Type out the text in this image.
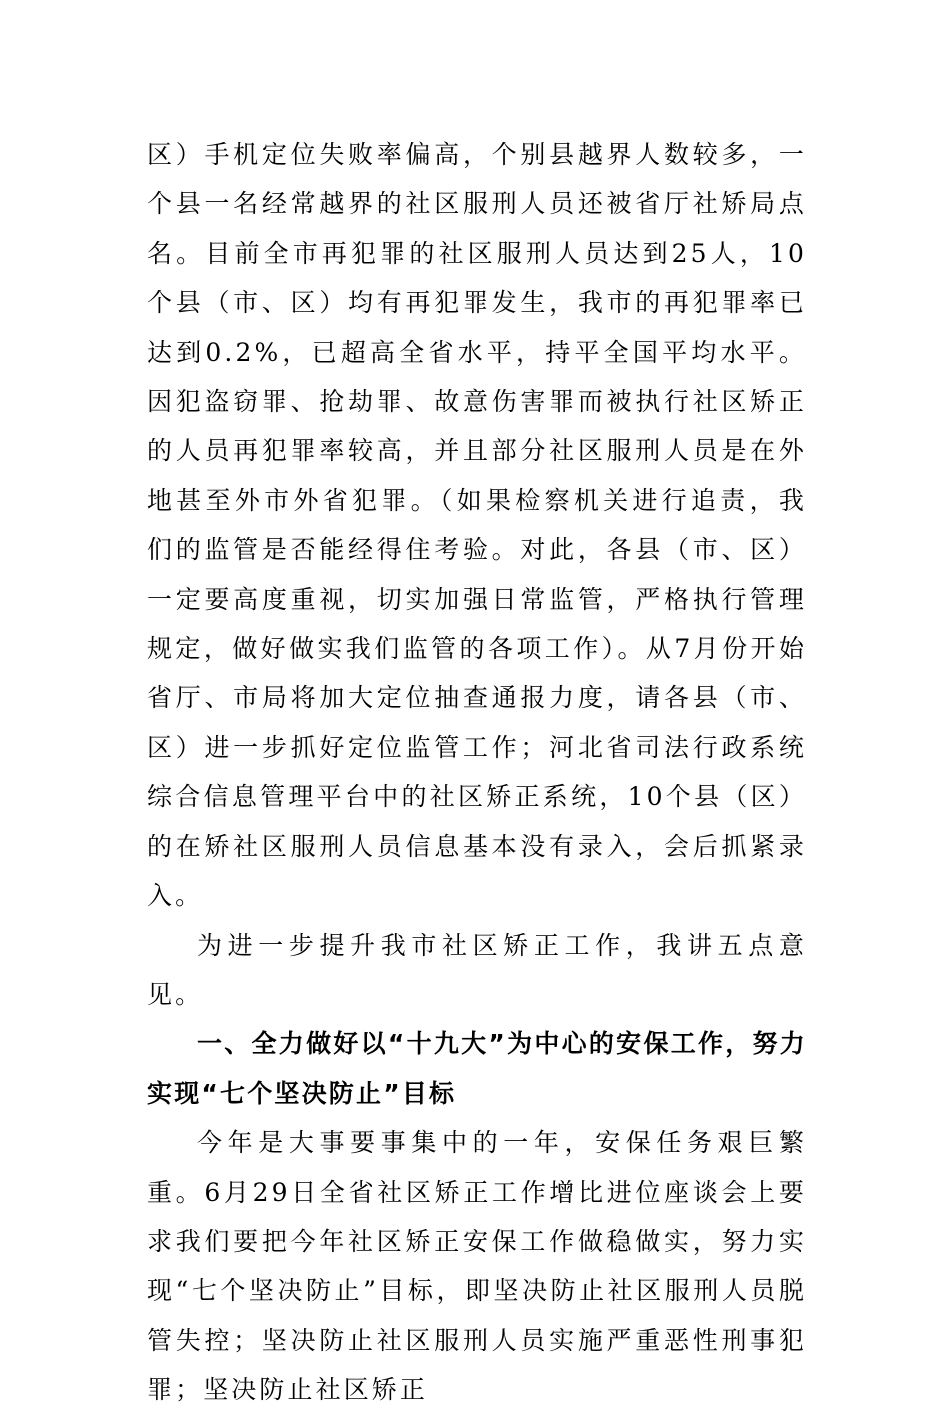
区）手机定位失败率偏高，个别县越界人数较多，一个县一名经常越界的社区服刑人员还被省厅社矫局点名。目前全市再犯罪的社区服刑人员达到25人，10个县（市、区）均有再犯罪发生，我市的再犯罪率已达到0.2%，已超高全省水平，持平全国平均水平。因犯盗窃罪、抢劫罪、故意伤害罪而被执行社区矫正的人员再犯罪率较高，并且部分社区服刑人员是在外地甚至外市外省犯罪。（如果检察机关进行追责，我们的监管是否能经得住考验。对此，各县（市、区）一定要高度重视，切实加强日常监管，严格执行管理规定，做好做实我们监管的各项工作）。从7月份开始省厅、市局将加大定位抽查通报力度，请各县（市、区）进一步抓好定位监管工作；河北省司法行政系统综合信息管理平台中的社区矫正系统，10个县（区）的在矫社区服刑人员信息基本没有录入，会后抓紧录入。

为进一步提升我市社区矫正工作，我讲五点意见。

一、全力做好以“十九大”为中心的安保工作，努力实现“七个坚决防止”目标

今年是大事要事集中的一年，安保任务艰巨繁重。6月29日全省社区矫正工作增比进位座谈会上要求我们要把今年社区矫正安保工作做稳做实，努力实现“七个坚决防止”目标，即坚决防止社区服刑人员脱管失控；坚决防止社区服刑人员实施严重恶性刑事犯罪；坚决防止社区矫正
